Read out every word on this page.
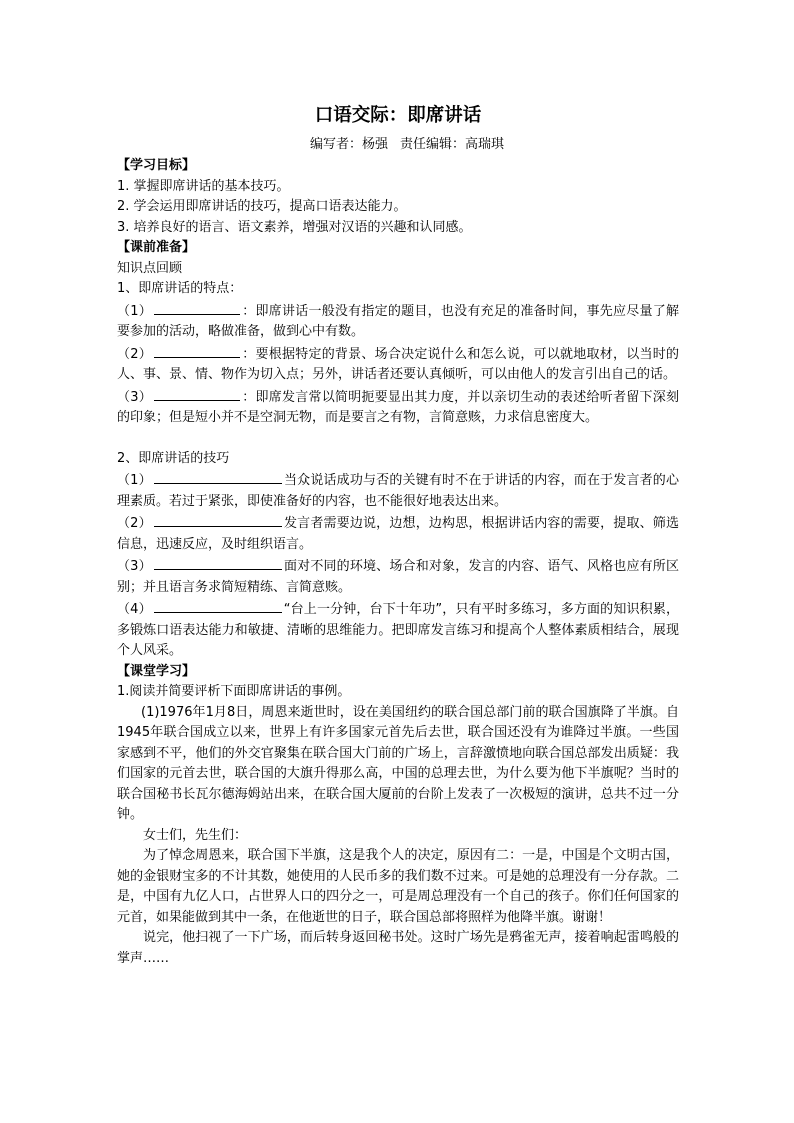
口语交际：即席讲话
编写者：杨强 责任编辑：高瑞琪
【学习目标】
1. 掌握即席讲话的基本技巧。
2. 学会运用即席讲话的技巧，提高口语表达能力。
3. 培养良好的语言、语文素养，增强对汉语的兴趣和认同感。
【课前准备】
知识点回顾
1、即席讲话的特点：

（1）	：即席讲话一般没有指定的题目，也没有充足的准备时间，事先应尽量了解要参加的活动，略做准备，做到心中有数。

（2）	：要根据特定的背景、场合决定说什么和怎么说，可以就地取材，以当时的人、事、景、情、物作为切入点；另外，讲话者还要认真倾听，可以由他人的发言引出自己的话。

（3）	：即席发言常以简明扼要显出其力度，并以亲切生动的表述给听者留下深刻的印象；但是短小并不是空洞无物，而是要言之有物，言简意赅，力求信息密度大。

2、即席讲话的技巧

（1）	当众说话成功与否的关键有时不在于讲话的内容，而在于发言者的心理素质。若过于紧张，即使准备好的内容，也不能很好地表达出来。

（2）	发言者需要边说，边想，边构思，根据讲话内容的需要，提取、筛选信息，迅速反应，及时组织语言。

（3）	面对不同的环境、场合和对象，发言的内容、语气、风格也应有所区别；并且语言务求简短精练、言简意赅。

（4）	“台上一分钟，台下十年功”，只有平时多练习，多方面的知识积累，多锻炼口语表达能力和敏捷、清晰的思维能力。把即席发言练习和提高个人整体素质相结合，展现个人风采。

【课堂学习】
1.阅读并简要评析下面即席讲话的事例。

(1)1976年1月8日，周恩来逝世时，设在美国纽约的联合国总部门前的联合国旗降了半旗。自1945年联合国成立以来，世界上有许多国家元首先后去世，联合国还没有为谁降过半旗。一些国家感到不平，他们的外交官聚集在联合国大门前的广场上，言辞激愤地向联合国总部发出质疑：我们国家的元首去世，联合国的大旗升得那么高，中国的总理去世，为什么要为他下半旗呢？当时的联合国秘书长瓦尔德海姆站出来，在联合国大厦前的台阶上发表了一次极短的演讲，总共不过一分钟。

女士们，先生们：

为了悼念周恩来，联合国下半旗，这是我个人的决定，原因有二：一是，中国是个文明古国，她的金银财宝多的不计其数，她使用的人民币多的我们数不过来。可是她的总理没有一分存款。二是，中国有九亿人口，占世界人口的四分之一，可是周总理没有一个自己的孩子。你们任何国家的元首，如果能做到其中一条，在他逝世的日子，联合国总部将照样为他降半旗。谢谢！

说完，他扫视了一下广场，而后转身返回秘书处。这时广场先是鸦雀无声，接着响起雷鸣般的掌声……
